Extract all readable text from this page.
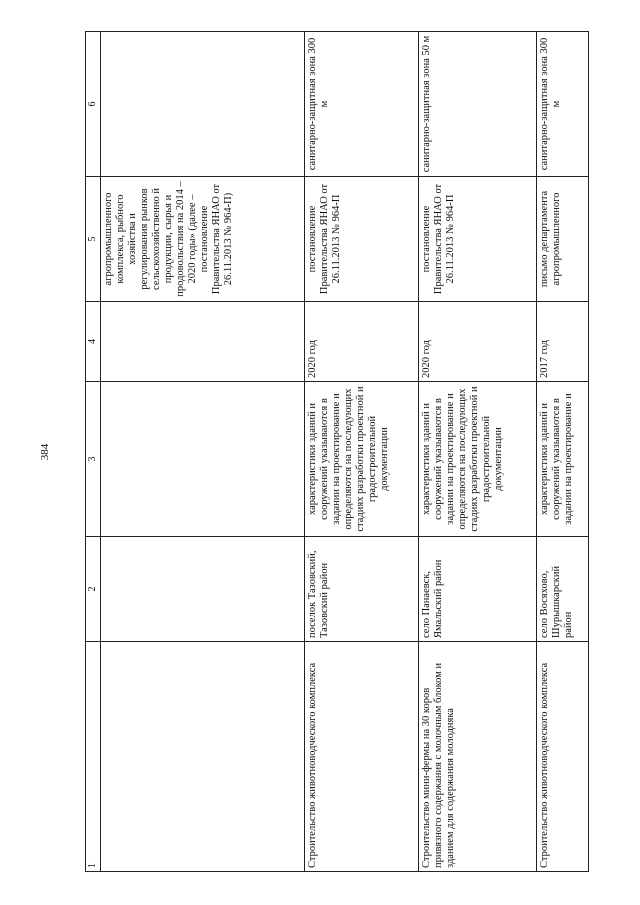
384
1	2	3	4	5	6
				агропромышленного комплекса, рыбного хозяйства и регулирования рынков сельскохозяйственно й продукции, сырья и продовольствия на 2014 –2020 годы» (далее – постановление Правительства ЯНАО от 26.11.2013 № 964-П)	
Строительство животноводческого комплекса	поселок Тазовский, Тазовский район	характеристики зданий и сооружений указываются в задании на проектирование и определяются на последующих стадиях разработки проектной и градостроительной документации	2020 год	постановление Правительства ЯНАО от 26.11.2013 № 964-П	санитарно-защитная зона 300 м
Строительство мини-фермы на 30 коров привязного содержания с молочным блоком и зданием для содержания молодняка	село Панаевск, Ямальский район	характеристики зданий и сооружений указываются в задании на проектирование и определяются на последующих стадиях разработки проектной и градостроительной документации	2020 год	постановление Правительства ЯНАО от 26.11.2013 № 964-П	санитарно-защитная зона 50 м
Строительство животноводческого комплекса	село Восяхово, Шурышкарский район	характеристики зданий и сооружений указываются в задании на проектирование и	2017 год	письмо департамента агропромышленного	санитарно-защитная зона 300 м
